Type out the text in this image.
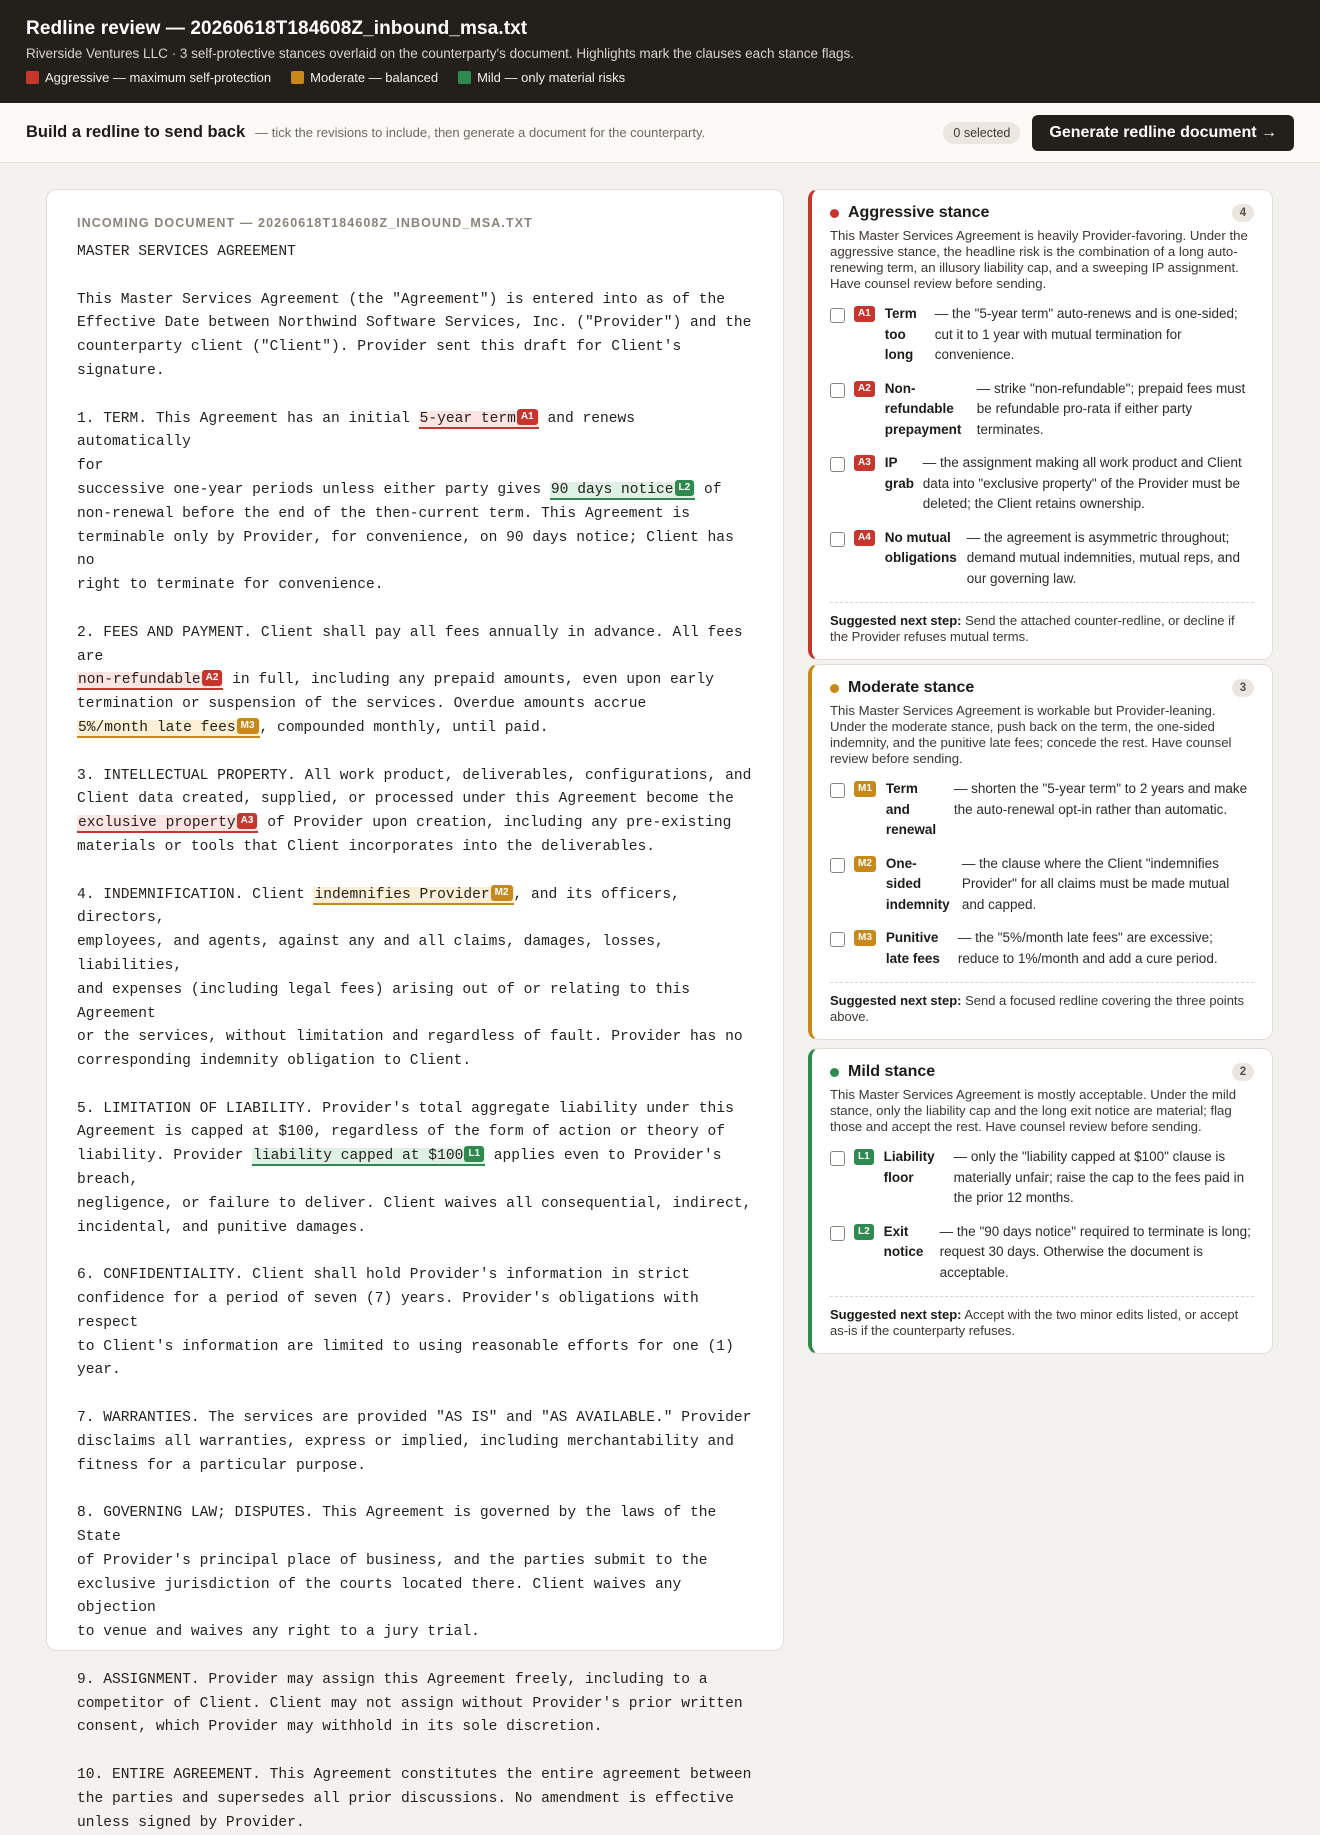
Redline review — 20260618T184608Z_inbound_msa.txt
Riverside Ventures LLC · 3 self-protective stances overlaid on the counterparty's document. Highlights mark the clauses each stance flags.
Aggressive — maximum self-protection	Moderate — balanced	Mild — only material risks
Build a redline to send back — tick the revisions to include, then generate a document for the counterparty.	0 selected	Generate redline document →
INCOMING DOCUMENT — 20260618T184608Z_INBOUND_MSA.TXT
MASTER SERVICES AGREEMENT

This Master Services Agreement (the "Agreement") is entered into as of the
Effective Date between Northwind Software Services, Inc. ("Provider") and the
counterparty client ("Client"). Provider sent this draft for Client's signature.

1. TERM. This Agreement has an initial 5-year term A1 and renews automatically
for
successive one-year periods unless either party gives 90 days notice L2 of
non-renewal before the end of the then-current term. This Agreement is
terminable only by Provider, for convenience, on 90 days notice; Client has no
right to terminate for convenience.

2. FEES AND PAYMENT. Client shall pay all fees annually in advance. All fees are
non-refundable A2 in full, including any prepaid amounts, even upon early
termination or suspension of the services. Overdue amounts accrue
5%/month late fees M3 , compounded monthly, until paid.

3. INTELLECTUAL PROPERTY. All work product, deliverables, configurations, and
Client data created, supplied, or processed under this Agreement become the
exclusive property A3 of Provider upon creation, including any pre-existing
materials or tools that Client incorporates into the deliverables.

4. INDEMNIFICATION. Client indemnifies Provider M2 , and its officers,
directors,
employees, and agents, against any and all claims, damages, losses, liabilities,
and expenses (including legal fees) arising out of or relating to this Agreement
or the services, without limitation and regardless of fault. Provider has no
corresponding indemnity obligation to Client.

5. LIMITATION OF LIABILITY. Provider's total aggregate liability under this
Agreement is capped at $100, regardless of the form of action or theory of
liability. Provider liability capped at $100 L1 applies even to Provider's
breach,
negligence, or failure to deliver. Client waives all consequential, indirect,
incidental, and punitive damages.

6. CONFIDENTIALITY. Client shall hold Provider's information in strict
confidence for a period of seven (7) years. Provider's obligations with respect
to Client's information are limited to using reasonable efforts for one (1)
year.

7. WARRANTIES. The services are provided "AS IS" and "AS AVAILABLE." Provider
disclaims all warranties, express or implied, including merchantability and
fitness for a particular purpose.

8. GOVERNING LAW; DISPUTES. This Agreement is governed by the laws of the State
of Provider's principal place of business, and the parties submit to the
exclusive jurisdiction of the courts located there. Client waives any objection
to venue and waives any right to a jury trial.

9. ASSIGNMENT. Provider may assign this Agreement freely, including to a
competitor of Client. Client may not assign without Provider's prior written
consent, which Provider may withhold in its sole discretion.

10. ENTIRE AGREEMENT. This Agreement constitutes the entire agreement between
the parties and supersedes all prior discussions. No amendment is effective
unless signed by Provider.
Aggressive stance	4
This Master Services Agreement is heavily Provider-favoring. Under the aggressive stance, the headline risk is the combination of a long auto-renewing term, an illusory liability cap, and a sweeping IP assignment. Have counsel review before sending.
A1 Term too long
— the "5-year term" auto-renews and is one-sided; cut it to 1 year with mutual termination for convenience.
A2 Non-refundable prepayment
— strike "non-refundable"; prepaid fees must be refundable pro-rata if either party terminates.
A3 IP grab
— the assignment making all work product and Client data into "exclusive property" of the Provider must be deleted; the Client retains ownership.
A4 No mutual obligations
— the agreement is asymmetric throughout; demand mutual indemnities, mutual reps, and our governing law.
Suggested next step: Send the attached counter-redline, or decline if the Provider refuses mutual terms.
Moderate stance	3
This Master Services Agreement is workable but Provider-leaning. Under the moderate stance, push back on the term, the one-sided indemnity, and the punitive late fees; concede the rest. Have counsel review before sending.
M1 Term and renewal
— shorten the "5-year term" to 2 years and make the auto-renewal opt-in rather than automatic.
M2 One-sided indemnity
— the clause where the Client "indemnifies Provider" for all claims must be made mutual and capped.
M3 Punitive late fees
— the "5%/month late fees" are excessive; reduce to 1%/month and add a cure period.
Suggested next step: Send a focused redline covering the three points above.
Mild stance	2
This Master Services Agreement is mostly acceptable. Under the mild stance, only the liability cap and the long exit notice are material; flag those and accept the rest. Have counsel review before sending.
L1 Liability floor
— only the "liability capped at $100" clause is materially unfair; raise the cap to the fees paid in the prior 12 months.
L2 Exit notice
— the "90 days notice" required to terminate is long; request 30 days. Otherwise the document is acceptable.
Suggested next step: Accept with the two minor edits listed, or accept as-is if the counterparty refuses.
